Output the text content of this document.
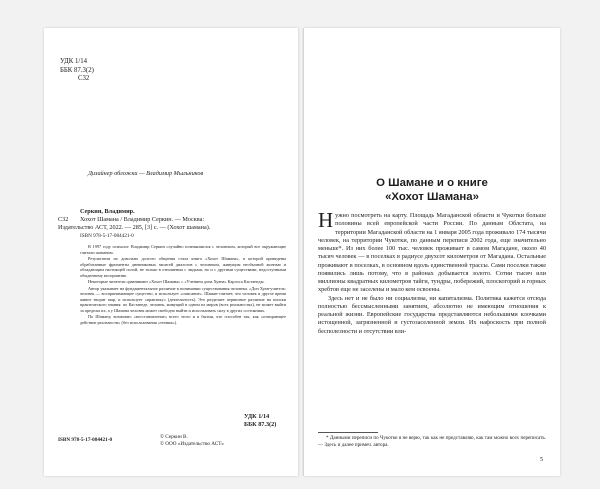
УДК 1/14
ББК 87.3(2)
С32
Дизайнер обложки — Владимир Мыльников
Серкин, Владимир.
С32 Хохот Шамана / Владимир Серкин. — Москва:
Издательство АСТ, 2022. — 285, [3] с. — (Хохот шамана).
ISBN 978-5-17-084421-0

В 1997 году психолог Владимир Серкин случайно познакомился с человеком, который все окружающие считали шаманом.

Результатом их довольно долгого общения стала книга «Хохот Шамана», в которой приведены обработанные фрагменты дневниковых записей диалогов с человеком, живущим необычной жизнью и обладающим настоящей силой, не только в отношении с людьми, но и с другими существами, недоступными обыденному восприятию.

Некоторые читатели сравнивают «Хохот Шамана» с «Учением дона Хуана» Карлоса Кастанеды.

Автор указывает на фундаментальное различие в понимании существования человека. «Дон Хуан-учитель: человек — воспринимающее существо, и использует «описание». Шаман-считает, что человек в другое время живое творит мир, и использует «практику» (деятельность). Это разделяет первичное различие на поиски практического знания: по Кастанеде, человек, живущий в одном из миров (всех реальностях), не может выйти за пределы их, а у Шамана человек может свободно выйти и использовать силу в других состояниях.

По Шаману, возможно «восстановление» всего этого и в бытии, что способен так, как «отпирающее действие реальности» (без использования «техник»).

УДК 1/14
ББК 87.3(2)
ISBN 978-5-17-084421-0	© Серкин В.
© ООО «Издательство АСТ»
О Шамане и о книге
«Хохот Шамана»

Нужно посмотреть на карту. Площадь Магаданской области и Чукотки больше половины всей европейской части России. По данным Облстата, на территории Магаданской области на 1 января 2005 года проживало 174 тысячи человек, на территории Чукотки, по данным переписи 2002 года, еще значительно меньше*. Из них более 100 тыс. человек проживает в самом Магадане, около 40 тысяч человек — в поселках в радиусе двухсот километров от Магадана. Остальные проживают в поселках, в основном вдоль единственной трассы. Сами поселки также появились лишь потому, что в районах добывается золото. Сотни тысяч или миллионы квадратных километров тайги, тундры, побережий, плоскогорий и горных хребтов еще не заселены и мало кем освоены.

Здесь нет и не было ни социализма, ни капитализма. Политика кажется отсюда полностью бессмысленными занятием, абсолютно не имеющим отношения к реальной жизни. Европейские государства представляются небольшими клочками истощенной, загрязненной и густозаселенной земли. Их нафоскость при полной бесполезности и отсутствии вли-

* Данными переписи по Чукотке я не верю, так как не представляю, как там можно всех переписать. — Здесь и далее примеч. автора.

5
